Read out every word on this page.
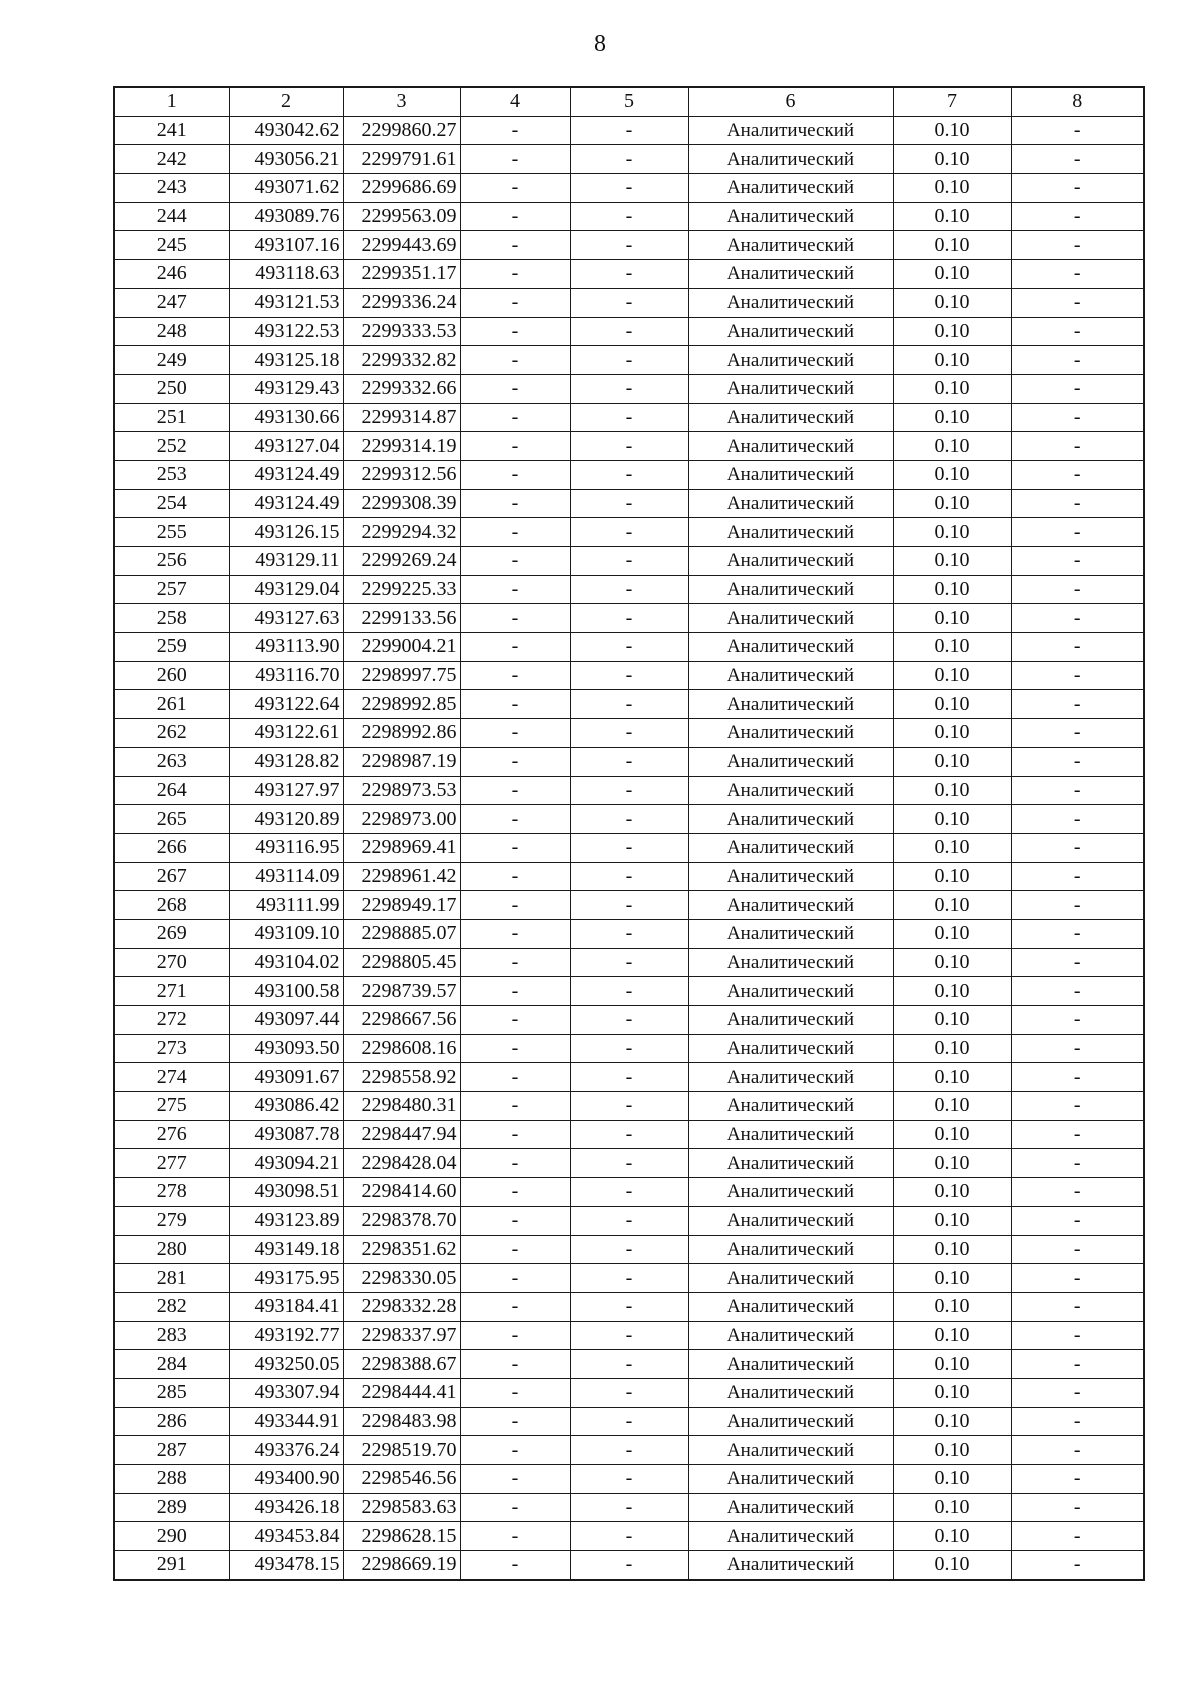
8
1	2	3	4	5	6	7	8
241	493042.62	2299860.27	-	-	Аналитический	0.10	-
242	493056.21	2299791.61	-	-	Аналитический	0.10	-
243	493071.62	2299686.69	-	-	Аналитический	0.10	-
244	493089.76	2299563.09	-	-	Аналитический	0.10	-
245	493107.16	2299443.69	-	-	Аналитический	0.10	-
246	493118.63	2299351.17	-	-	Аналитический	0.10	-
247	493121.53	2299336.24	-	-	Аналитический	0.10	-
248	493122.53	2299333.53	-	-	Аналитический	0.10	-
249	493125.18	2299332.82	-	-	Аналитический	0.10	-
250	493129.43	2299332.66	-	-	Аналитический	0.10	-
251	493130.66	2299314.87	-	-	Аналитический	0.10	-
252	493127.04	2299314.19	-	-	Аналитический	0.10	-
253	493124.49	2299312.56	-	-	Аналитический	0.10	-
254	493124.49	2299308.39	-	-	Аналитический	0.10	-
255	493126.15	2299294.32	-	-	Аналитический	0.10	-
256	493129.11	2299269.24	-	-	Аналитический	0.10	-
257	493129.04	2299225.33	-	-	Аналитический	0.10	-
258	493127.63	2299133.56	-	-	Аналитический	0.10	-
259	493113.90	2299004.21	-	-	Аналитический	0.10	-
260	493116.70	2298997.75	-	-	Аналитический	0.10	-
261	493122.64	2298992.85	-	-	Аналитический	0.10	-
262	493122.61	2298992.86	-	-	Аналитический	0.10	-
263	493128.82	2298987.19	-	-	Аналитический	0.10	-
264	493127.97	2298973.53	-	-	Аналитический	0.10	-
265	493120.89	2298973.00	-	-	Аналитический	0.10	-
266	493116.95	2298969.41	-	-	Аналитический	0.10	-
267	493114.09	2298961.42	-	-	Аналитический	0.10	-
268	493111.99	2298949.17	-	-	Аналитический	0.10	-
269	493109.10	2298885.07	-	-	Аналитический	0.10	-
270	493104.02	2298805.45	-	-	Аналитический	0.10	-
271	493100.58	2298739.57	-	-	Аналитический	0.10	-
272	493097.44	2298667.56	-	-	Аналитический	0.10	-
273	493093.50	2298608.16	-	-	Аналитический	0.10	-
274	493091.67	2298558.92	-	-	Аналитический	0.10	-
275	493086.42	2298480.31	-	-	Аналитический	0.10	-
276	493087.78	2298447.94	-	-	Аналитический	0.10	-
277	493094.21	2298428.04	-	-	Аналитический	0.10	-
278	493098.51	2298414.60	-	-	Аналитический	0.10	-
279	493123.89	2298378.70	-	-	Аналитический	0.10	-
280	493149.18	2298351.62	-	-	Аналитический	0.10	-
281	493175.95	2298330.05	-	-	Аналитический	0.10	-
282	493184.41	2298332.28	-	-	Аналитический	0.10	-
283	493192.77	2298337.97	-	-	Аналитический	0.10	-
284	493250.05	2298388.67	-	-	Аналитический	0.10	-
285	493307.94	2298444.41	-	-	Аналитический	0.10	-
286	493344.91	2298483.98	-	-	Аналитический	0.10	-
287	493376.24	2298519.70	-	-	Аналитический	0.10	-
288	493400.90	2298546.56	-	-	Аналитический	0.10	-
289	493426.18	2298583.63	-	-	Аналитический	0.10	-
290	493453.84	2298628.15	-	-	Аналитический	0.10	-
291	493478.15	2298669.19	-	-	Аналитический	0.10	-
